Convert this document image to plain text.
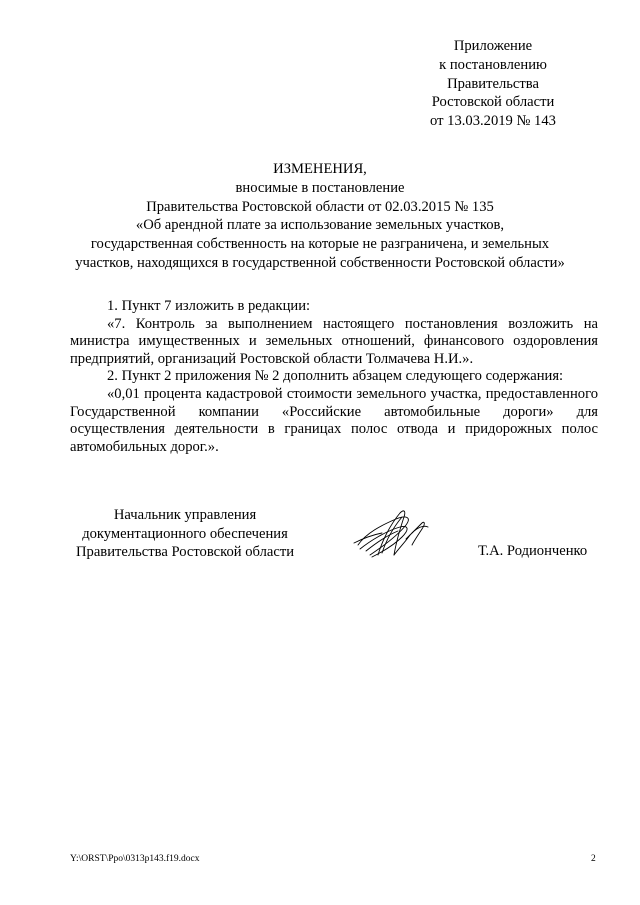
Приложение
к постановлению
Правительства
Ростовской области
от 13.03.2019 № 143
ИЗМЕНЕНИЯ,
вносимые в постановление
Правительства Ростовской области от 02.03.2015 № 135
«Об арендной плате за использование земельных участков,
государственная собственность на которые не разграничена, и земельных
участков, находящихся в государственной собственности Ростовской области»

1. Пункт 7 изложить в редакции:

«7. Контроль за выполнением настоящего постановления возложить на министра имущественных и земельных отношений, финансового оздоровления предприятий, организаций Ростовской области Толмачева Н.И.».

2. Пункт 2 приложения № 2 дополнить абзацем следующего содержания:

«0,01 процента кадастровой стоимости земельного участка, предоставленного Государственной компании «Российские автомобильные дороги» для осуществления деятельности в границах полос отвода и придорожных полос автомобильных дорог.».

Начальник управления
документационного обеспечения
Правительства Ростовской области	Т.А. Родионченко
Y:\ORST\Ppo\0313p143.f19.docx	2
